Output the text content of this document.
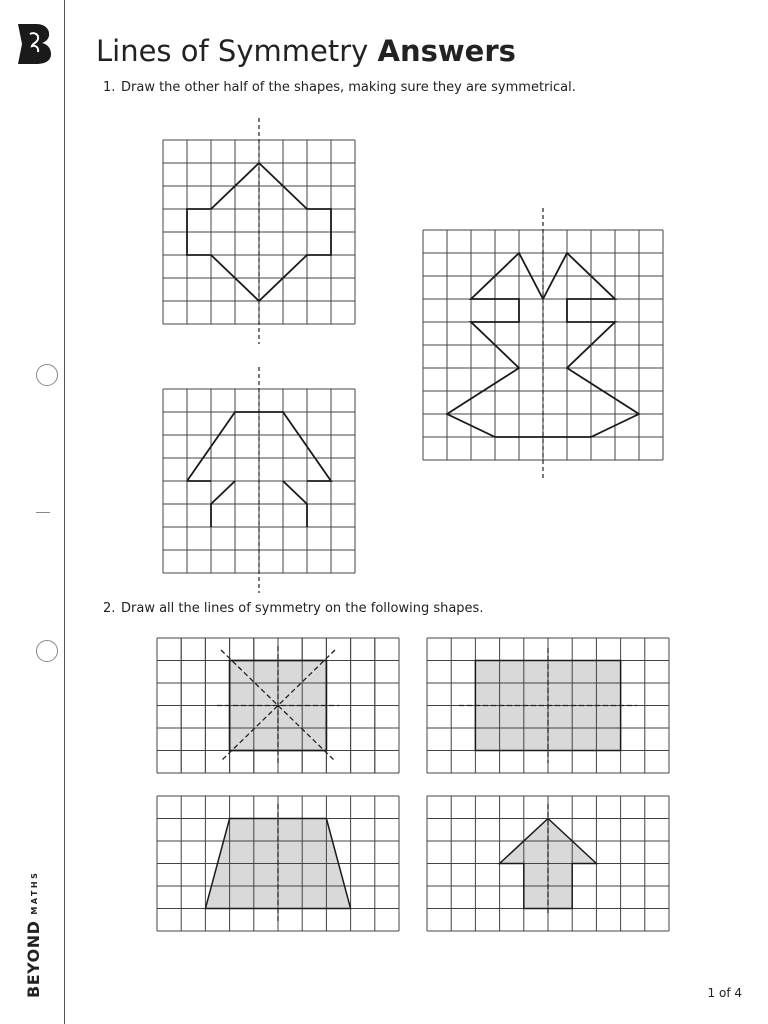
BEYONDMATHS
Lines of Symmetry Answers
1. Draw the other half of the shapes, making sure they are symmetrical.
2. Draw all the lines of symmetry on the following shapes.
1 of 4
